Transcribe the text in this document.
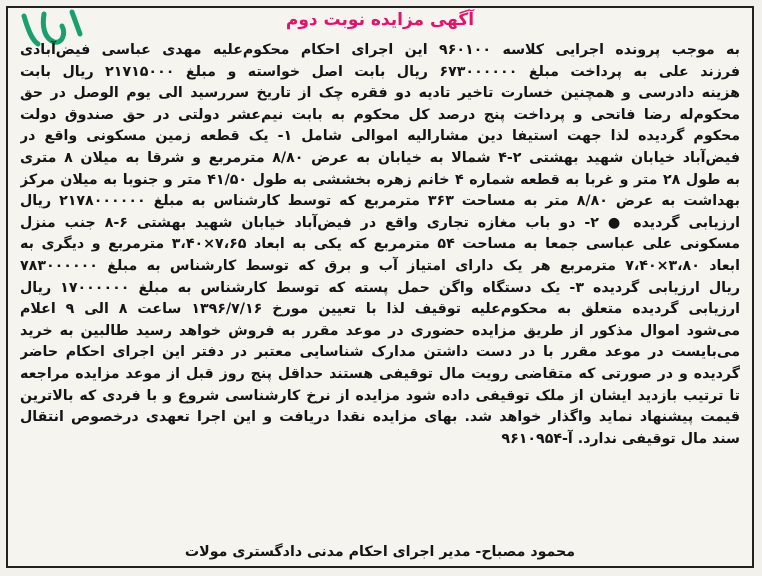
آگهی مزایده نوبت دوم
به موجب پرونده اجرایی کلاسه ۹۶۰۱۰۰ این اجرای احکام محکوم‌علیه مهدی عباسی فیض‌آبادی
فرزند علی به پرداخت مبلغ ۶۷۳۰۰۰۰۰۰ ریال بابت اصل خواسته و مبلغ ۲۱۷۱۵۰۰۰ ریال بابت
هزینه دادرسی و همچنین خسارت تاخیر تادیه دو فقره چک از تاریخ سررسید الی یوم الوصل در حق
محکوم‌له رضا فاتحی و پرداخت پنج درصد کل محکوم به بابت نیم‌عشر دولتی در حق صندوق دولت
محکوم گردیده لذا جهت استیفا دین مشارالیه اموالی شامل ۱- یک قطعه زمین مسکونی واقع در
فیض‌آباد خیابان شهید بهشتی ۲-۴ شمالا به خیابان به عرض ۸/۸۰ مترمربع و شرقا به میلان ۸ متری
به طول ۲۸ متر و غربا به قطعه شماره ۴ خانم زهره بخششی به طول ۴۱/۵۰ متر و جنوبا به میلان مرکز
بهداشت به عرض ۸/۸۰ متر به مساحت ۳۶۳ مترمربع که توسط کارشناس به مبلغ ۲۱۷۸۰۰۰۰۰۰ ریال
ارزیابی گردیده ● ۲- دو باب مغازه تجاری واقع در فیض‌آباد خیابان شهید بهشتی ۶-۸ جنب منزل
مسکونی علی عباسی جمعا به مساحت ۵۴ مترمربع که یکی به ابعاد ۷،۶۵×۳،۴۰ مترمربع و دیگری به
ابعاد ۳،۸۰×۷،۴۰ مترمربع هر یک دارای امتیاز آب و برق که توسط کارشناس به مبلغ ۷۸۳۰۰۰۰۰۰
ریال ارزیابی گردیده ۳- یک دستگاه واگن حمل پسته که توسط کارشناس به مبلغ ۱۷۰۰۰۰۰۰ ریال
ارزیابی گردیده متعلق به محکوم‌علیه توقیف لذا با تعیین مورخ ۱۳۹۶/۷/۱۶ ساعت ۸ الی ۹ اعلام
می‌شود اموال مذکور از طریق مزایده حضوری در موعد مقرر به فروش خواهد رسید طالبین به خرید
می‌بایست در موعد مقرر با در دست داشتن مدارک شناسایی معتبر در دفتر این اجرای احکام حاضر
گردیده و در صورتی که متقاضی رویت مال توقیفی هستند حداقل پنج روز قبل از موعد مزایده مراجعه
تا ترتیب بازدید ایشان از ملک توقیفی داده شود مزایده از نرخ کارشناسی شروع و با فردی که بالاترین
قیمت پیشنهاد نماید واگذار خواهد شد. بهای مزایده نقدا دریافت و این اجرا تعهدی درخصوص انتقال
سند مال توقیفی ندارد. آ-۹۶۱۰۹۵۴
محمود مصباح- مدیر اجرای احکام مدنی دادگستری مولات
